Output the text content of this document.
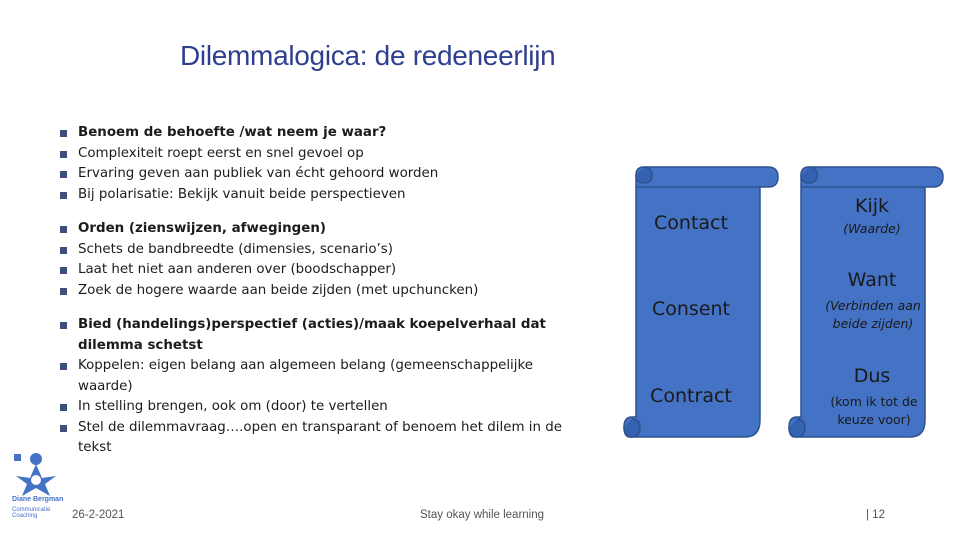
Dilemmalogica: de redeneerlijn
Benoem de behoefte /wat neem je waar?
Complexiteit roept eerst en snel gevoel op
Ervaring geven aan publiek van écht gehoord worden
Bij polarisatie: Bekijk vanuit beide perspectieven
Orden (zienswijzen, afwegingen)
Schets de bandbreedte (dimensies, scenario’s)
Laat het niet aan anderen over (boodschapper)
Zoek de hogere waarde aan beide zijden (met upchuncken)
Bied (handelings)perspectief (acties)/maak koepelverhaal dat dilemma schetst
Koppelen: eigen belang aan algemeen belang (gemeenschappelijke waarde)
In stelling brengen, ook om (door) te vertellen
Stel de dilemmavraag….open en transparant of benoem het dilem in de tekst
Contact
Consent
Contract
Kijk
(Waarde)
Want
(Verbinden aan beide zijden)
Dus
(kom ik tot de keuze voor)
Diane Bergman
Communicatie
Coaching	26-2-2021	Stay okay while learning	| 12
